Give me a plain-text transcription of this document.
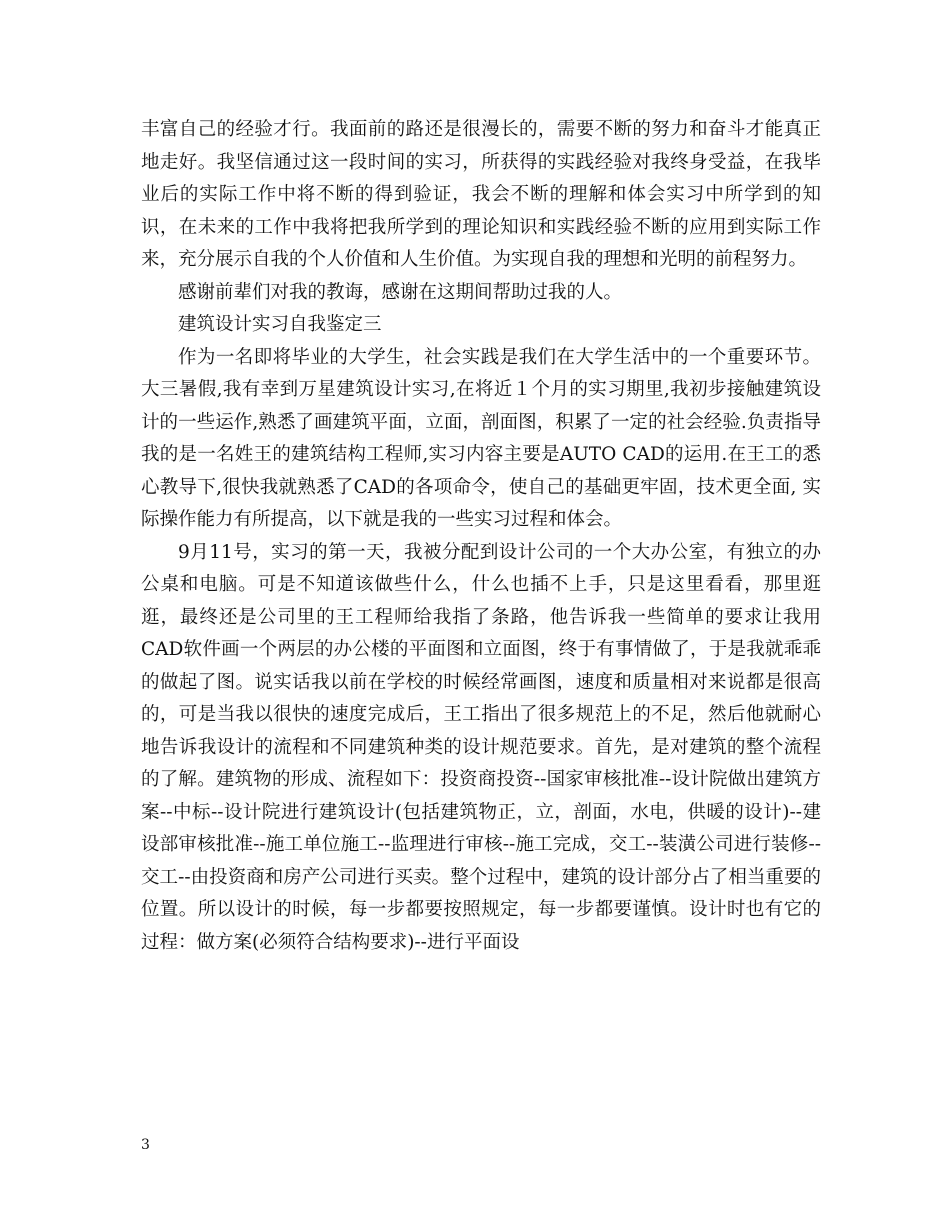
丰富自己的经验才行。我面前的路还是很漫长的，需要不断的努力和奋斗才能真正地走好。我坚信通过这一段时间的实习，所获得的实践经验对我终身受益，在我毕业后的实际工作中将不断的得到验证，我会不断的理解和体会实习中所学到的知识，在未来的工作中我将把我所学到的理论知识和实践经验不断的应用到实际工作来，充分展示自我的个人价值和人生价值。为实现自我的理想和光明的前程努力。

感谢前辈们对我的教诲，感谢在这期间帮助过我的人。

建筑设计实习自我鉴定三

作为一名即将毕业的大学生，社会实践是我们在大学生活中的一个重要环节。大三暑假,我有幸到万星建筑设计实习,在将近１个月的实习期里,我初步接触建筑设计的一些运作,熟悉了画建筑平面，立面，剖面图，积累了一定的社会经验.负责指导我的是一名姓王的建筑结构工程师,实习内容主要是AUTO CAD的运用.在王工的悉心教导下,很快我就熟悉了CAD的各项命令，使自己的基础更牢固，技术更全面, 实际操作能力有所提高，以下就是我的一些实习过程和体会。

9月11号，实习的第一天，我被分配到设计公司的一个大办公室，有独立的办公桌和电脑。可是不知道该做些什么，什么也插不上手，只是这里看看，那里逛逛，最终还是公司里的王工程师给我指了条路，他告诉我一些简单的要求让我用CAD软件画一个两层的办公楼的平面图和立面图，终于有事情做了，于是我就乖乖的做起了图。说实话我以前在学校的时候经常画图，速度和质量相对来说都是很高的，可是当我以很快的速度完成后，王工指出了很多规范上的不足，然后他就耐心地告诉我设计的流程和不同建筑种类的设计规范要求。首先，是对建筑的整个流程的了解。建筑物的形成、流程如下：投资商投资--国家审核批准--设计院做出建筑方案--中标--设计院进行建筑设计(包括建筑物正，立，剖面，水电，供暖的设计)--建设部审核批准--施工单位施工--监理进行审核--施工完成，交工--装潢公司进行装修--交工--由投资商和房产公司进行买卖。整个过程中，建筑的设计部分占了相当重要的位置。所以设计的时候，每一步都要按照规定，每一步都要谨慎。设计时也有它的过程：做方案(必须符合结构要求)--进行平面设

3
